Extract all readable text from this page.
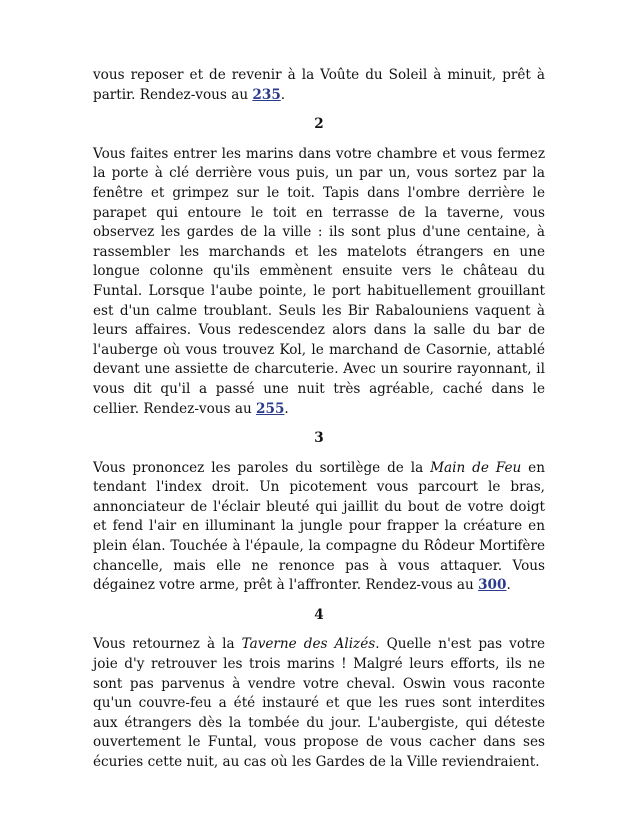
vous reposer et de revenir à la Voûte du Soleil à minuit, prêt à partir. Rendez-vous au 235.

2

Vous faites entrer les marins dans votre chambre et vous fermez la porte à clé derrière vous puis, un par un, vous sortez par la fenêtre et grimpez sur le toit. Tapis dans l'ombre derrière le parapet qui entoure le toit en terrasse de la taverne, vous observez les gardes de la ville : ils sont plus d'une centaine, à rassembler les marchands et les matelots étrangers en une longue colonne qu'ils emmènent ensuite vers le château du Funtal. Lorsque l'aube pointe, le port habituellement grouillant est d'un calme troublant. Seuls les Bir Rabalouniens vaquent à leurs affaires. Vous redescendez alors dans la salle du bar de l'auberge où vous trouvez Kol, le marchand de Casornie, attablé devant une assiette de charcuterie. Avec un sourire rayonnant, il vous dit qu'il a passé une nuit très agréable, caché dans le cellier. Rendez-vous au 255.

3

Vous prononcez les paroles du sortilège de la Main de Feu en tendant l'index droit. Un picotement vous parcourt le bras, annonciateur de l'éclair bleuté qui jaillit du bout de votre doigt et fend l'air en illuminant la jungle pour frapper la créature en plein élan. Touchée à l'épaule, la compagne du Rôdeur Mortifère chancelle, mais elle ne renonce pas à vous attaquer. Vous dégainez votre arme, prêt à l'affronter. Rendez-vous au 300.

4

Vous retournez à la Taverne des Alizés. Quelle n'est pas votre joie d'y retrouver les trois marins ! Malgré leurs efforts, ils ne sont pas parvenus à vendre votre cheval. Oswin vous raconte qu'un couvre-feu a été instauré et que les rues sont interdites aux étrangers dès la tombée du jour. L'aubergiste, qui déteste ouvertement le Funtal, vous propose de vous cacher dans ses écuries cette nuit, au cas où les Gardes de la Ville reviendraient.
